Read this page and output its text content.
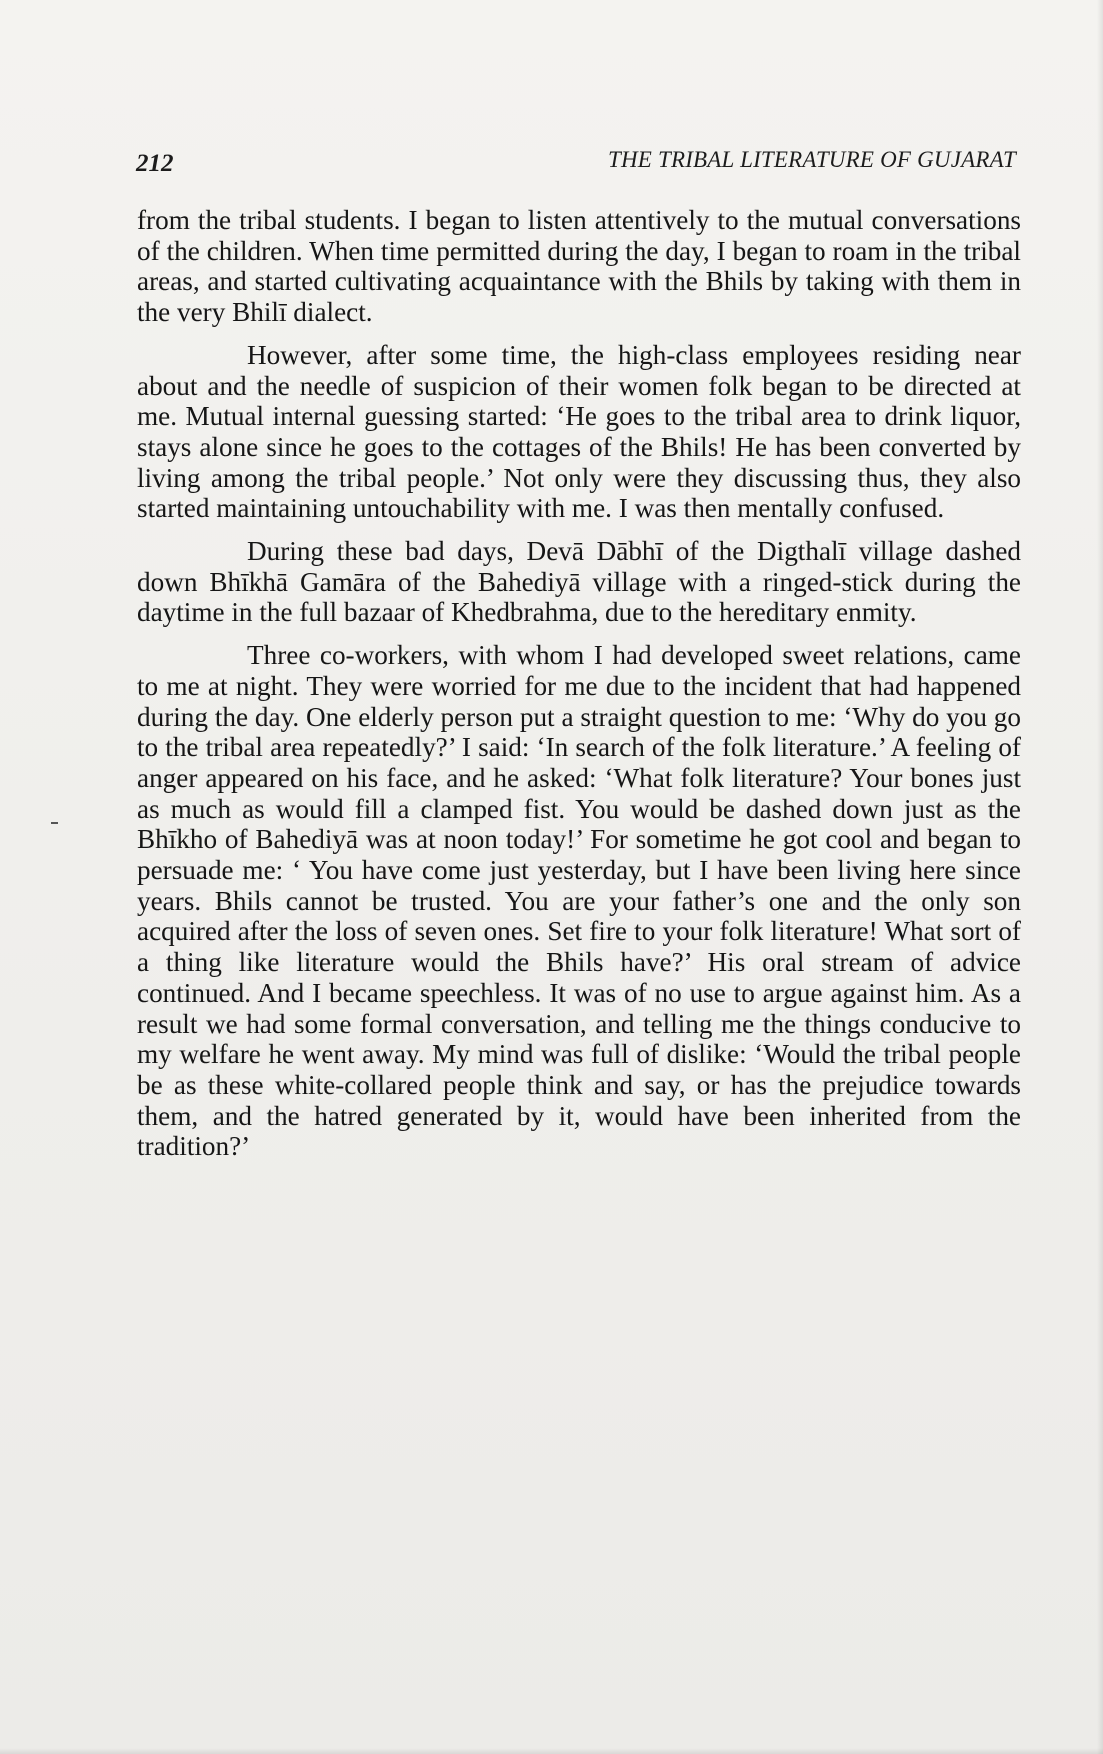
212	THE TRIBAL LITERATURE OF GUJARAT

from the tribal students. I began to listen attentively to the mutual conversations of the children. When time permitted during the day, I began to roam in the tribal areas, and started cultivating acquaintance with the Bhils by taking with them in the very Bhilī dialect.

However, after some time, the high-class employees residing near about and the needle of suspicion of their women folk began to be directed at me. Mutual internal guessing started: ‘He goes to the tribal area to drink liquor, stays alone since he goes to the cottages of the Bhils! He has been converted by living among the tribal people.’ Not only were they discussing thus, they also started maintaining untouchability with me. I was then mentally confused.

During these bad days, Devā Dābhī of the Digthalī village dashed down Bhīkhā Gamāra of the Bahediyā village with a ringed-stick during the daytime in the full bazaar of Khedbrahma, due to the hereditary enmity.

Three co-workers, with whom I had developed sweet relations, came to me at night. They were worried for me due to the incident that had happened during the day. One elderly person put a straight question to me: ‘Why do you go to the tribal area repeatedly?’ I said: ‘In search of the folk literature.’ A feeling of anger appeared on his face, and he asked: ‘What folk literature? Your bones just as much as would fill a clamped fist. You would be dashed down just as the Bhīkho of Bahediyā was at noon today!’ For sometime he got cool and began to persuade me: ‘ You have come just yesterday, but I have been living here since years. Bhils cannot be trusted. You are your father’s one and the only son acquired after the loss of seven ones. Set fire to your folk literature! What sort of a thing like literature would the Bhils have?’ His oral stream of advice continued. And I became speechless. It was of no use to argue against him. As a result we had some formal conversation, and telling me the things conducive to my welfare he went away. My mind was full of dislike: ‘Would the tribal people be as these white-collared people think and say, or has the prejudice towards them, and the hatred generated by it, would have been inherited from the tradition?’
